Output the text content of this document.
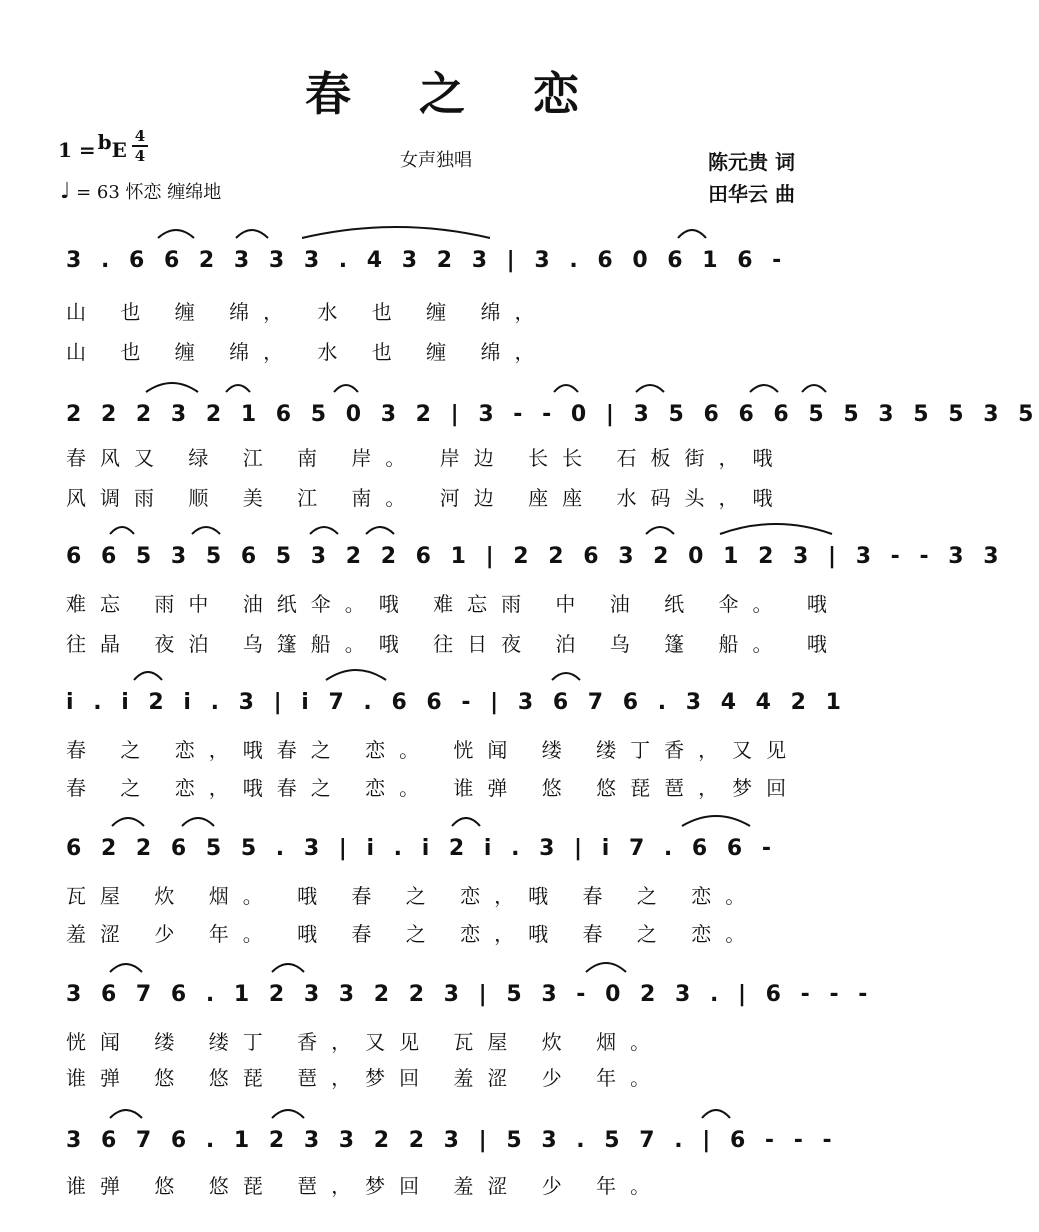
春 之 恋
1 = bE
4
4
♩ = 63 怀恋 缠绵地
女声独唱	陈元贵 词
田华云 曲
3 . 6 6 2 3 3 3 . 4 3 2 3 | 3 . 6 0 6 1 6 -
山 也 缠 绵， 水 也 缠 绵，
山 也 缠 绵， 水 也 缠 绵，
2 2 2 3 2 1 6 5 0 3 2 | 3 - - 0 | 3 5 6 6 6 5 5 3 5 5 3 5
春风又 绿 江 南 岸。 岸边 长长 石板街，哦
风调雨 顺 美 江 南。 河边 座座 水码头，哦
6 6 5 3 5 6 5 3 2 2 6 1 | 2 2 6 3 2 0 1 2 3 | 3 - - 3 3
难忘 雨中 油纸伞。哦 难忘雨 中 油 纸 伞。 哦
往晶 夜泊 乌篷船。哦 往日夜 泊 乌 篷 船。 哦
i . i 2 i . 3 | i 7 . 6 6 - | 3 6 7 6 . 3 4 4 2 1
春 之 恋，哦春之 恋。 恍闻 缕 缕丁香，又见
春 之 恋，哦春之 恋。 谁弹 悠 悠琵琶，梦回
6 2 2 6 5 5 . 3 | i . i 2 i . 3 | i 7 . 6 6 -
瓦屋 炊 烟。 哦 春 之 恋，哦 春 之 恋。
羞涩 少 年。 哦 春 之 恋，哦 春 之 恋。
3 6 7 6 . 1 2 3 3 2 2 3 | 5 3 - 0 2 3 . | 6 - - -
恍闻 缕 缕丁 香，又见 瓦屋 炊 烟。
谁弹 悠 悠琵 琶，梦回 羞涩 少 年。
3 6 7 6 . 1 2 3 3 2 2 3 | 5 3 . 5 7 . | 6 - - -
谁弹 悠 悠琵 琶，梦回 羞涩 少 年。
